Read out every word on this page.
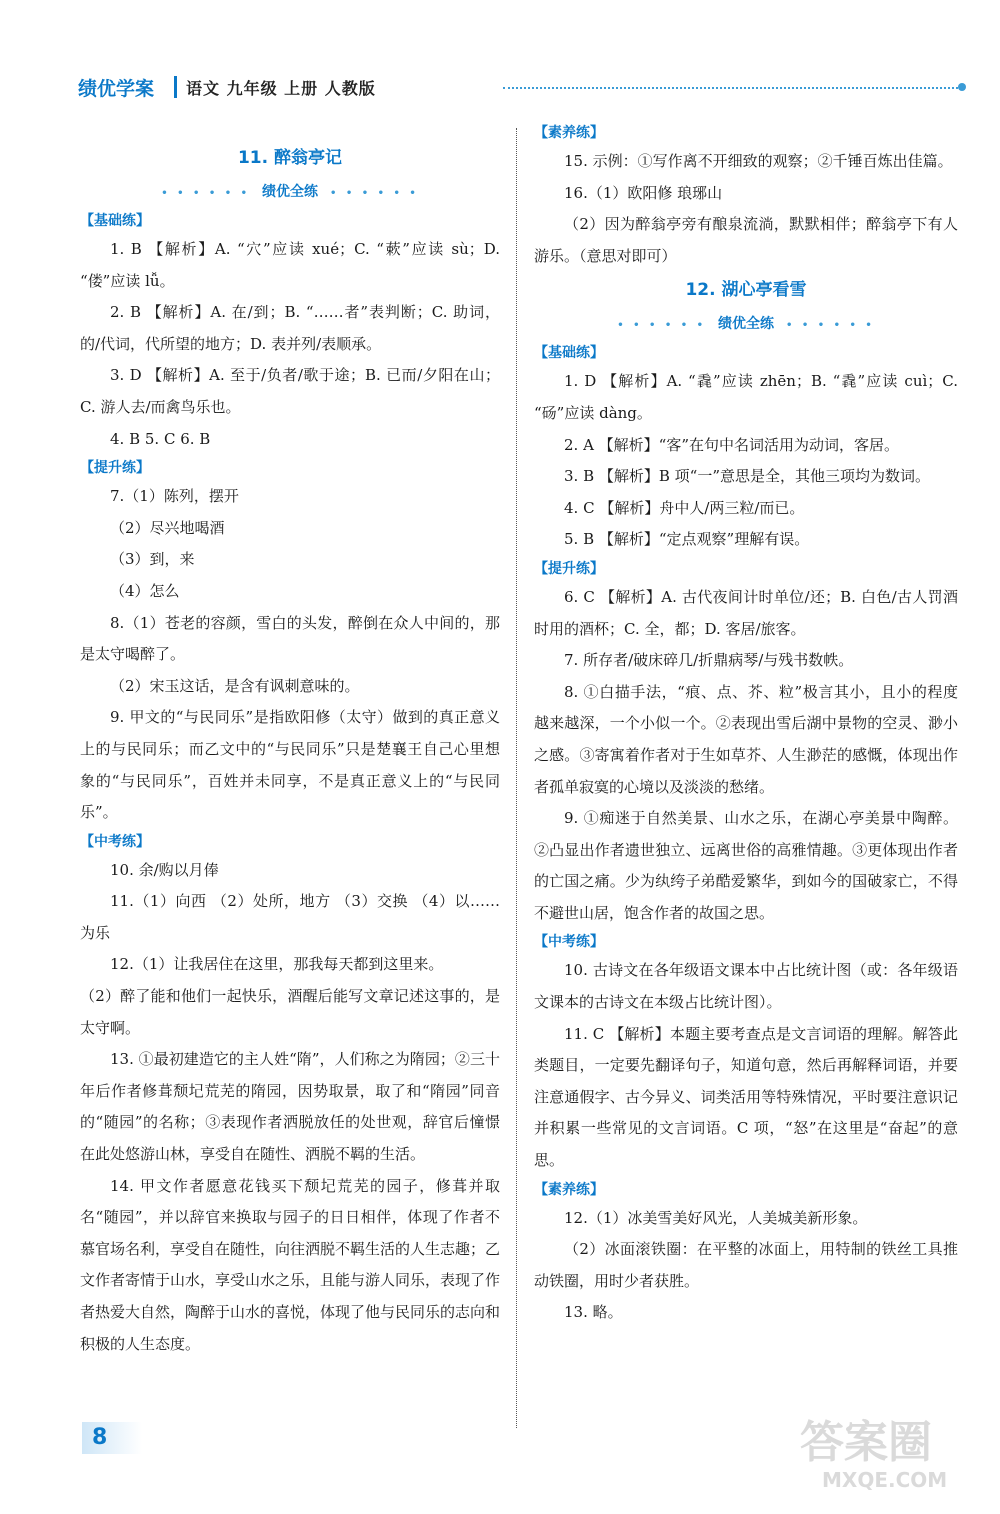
绩优学案 语文 九年级 上册 人教版
11. 醉翁亭记
• • • • • • 绩优全练 • • • • • •
【基础练】

1. B 【解析】A. “穴”应读 xué；C. “蔌”应读 sù；D. “偻”应读 lǚ。

2. B 【解析】A. 在/到；B. “……者”表判断；C. 助词，的/代词，代所望的地方；D. 表并列/表顺承。

3. D 【解析】A. 至于/负者/歌于途；B. 已而/夕阳在山；C. 游人去/而禽鸟乐也。

4. B 5. C 6. B

【提升练】

7.（1）陈列，摆开

（2）尽兴地喝酒

（3）到，来

（4）怎么

8.（1）苍老的容颜，雪白的头发，醉倒在众人中间的，那是太守喝醉了。

（2）宋玉这话，是含有讽刺意味的。

9. 甲文的“与民同乐”是指欧阳修（太守）做到的真正意义上的与民同乐；而乙文中的“与民同乐”只是楚襄王自己心里想象的“与民同乐”，百姓并未同享，不是真正意义上的“与民同乐”。

【中考练】

10. 余/购以月俸

11.（1）向西 （2）处所，地方 （3）交换 （4）以……为乐

12.（1）让我居住在这里，那我每天都到这里来。

（2）醉了能和他们一起快乐，酒醒后能写文章记述这事的，是太守啊。

13. ①最初建造它的主人姓“隋”，人们称之为隋园；②三十年后作者修葺颓圮荒芜的隋园，因势取景，取了和“隋园”同音的“随园”的名称；③表现作者洒脱放任的处世观，辞官后憧憬在此处悠游山林，享受自在随性、洒脱不羁的生活。

14. 甲文作者愿意花钱买下颓圮荒芜的园子，修葺并取名“随园”，并以辞官来换取与园子的日日相伴，体现了作者不慕官场名利，享受自在随性，向往洒脱不羁生活的人生志趣；乙文作者寄情于山水，享受山水之乐，且能与游人同乐，表现了作者热爱大自然，陶醉于山水的喜悦，体现了他与民同乐的志向和积极的人生态度。

【素养练】

15. 示例：①写作离不开细致的观察；②千锤百炼出佳篇。

16.（1）欧阳修 琅琊山

（2）因为醉翁亭旁有酿泉流淌，默默相伴；醉翁亭下有人游乐。（意思对即可）

12. 湖心亭看雪
• • • • • • 绩优全练 • • • • • •
【基础练】

1. D 【解析】A. “毳”应读 zhēn；B. “毳”应读 cuì；C. “砀”应读 dàng。

2. A 【解析】“客”在句中名词活用为动词，客居。

3. B 【解析】B 项“一”意思是全，其他三项均为数词。

4. C 【解析】舟中人/两三粒/而已。

5. B 【解析】“定点观察”理解有误。

【提升练】

6. C 【解析】A. 古代夜间计时单位/还；B. 白色/古人罚酒时用的酒杯；C. 全，都；D. 客居/旅客。

7. 所存者/破床碎几/折鼎病琴/与残书数帙。

8. ①白描手法，“痕、点、芥、粒”极言其小，且小的程度越来越深，一个小似一个。②表现出雪后湖中景物的空灵、渺小之感。③寄寓着作者对于生如草芥、人生渺茫的感慨，体现出作者孤单寂寞的心境以及淡淡的愁绪。

9. ①痴迷于自然美景、山水之乐，在湖心亭美景中陶醉。②凸显出作者遗世独立、远离世俗的高雅情趣。③更体现出作者的亡国之痛。少为纨绔子弟酷爱繁华，到如今的国破家亡，不得不避世山居，饱含作者的故国之思。

【中考练】

10. 古诗文在各年级语文课本中占比统计图（或：各年级语文课本的古诗文在本级占比统计图）。

11. C 【解析】本题主要考查点是文言词语的理解。解答此类题目，一定要先翻译句子，知道句意，然后再解释词语，并要注意通假字、古今异义、词类活用等特殊情况，平时要注意识记并积累一些常见的文言词语。C 项，“怒”在这里是“奋起”的意思。

【素养练】

12.（1）冰美雪美好风光，人美城美新形象。

（2）冰面滚铁圈：在平整的冰面上，用特制的铁丝工具推动铁圈，用时少者获胜。

13. 略。

8	答案圈
MXQE.COM
